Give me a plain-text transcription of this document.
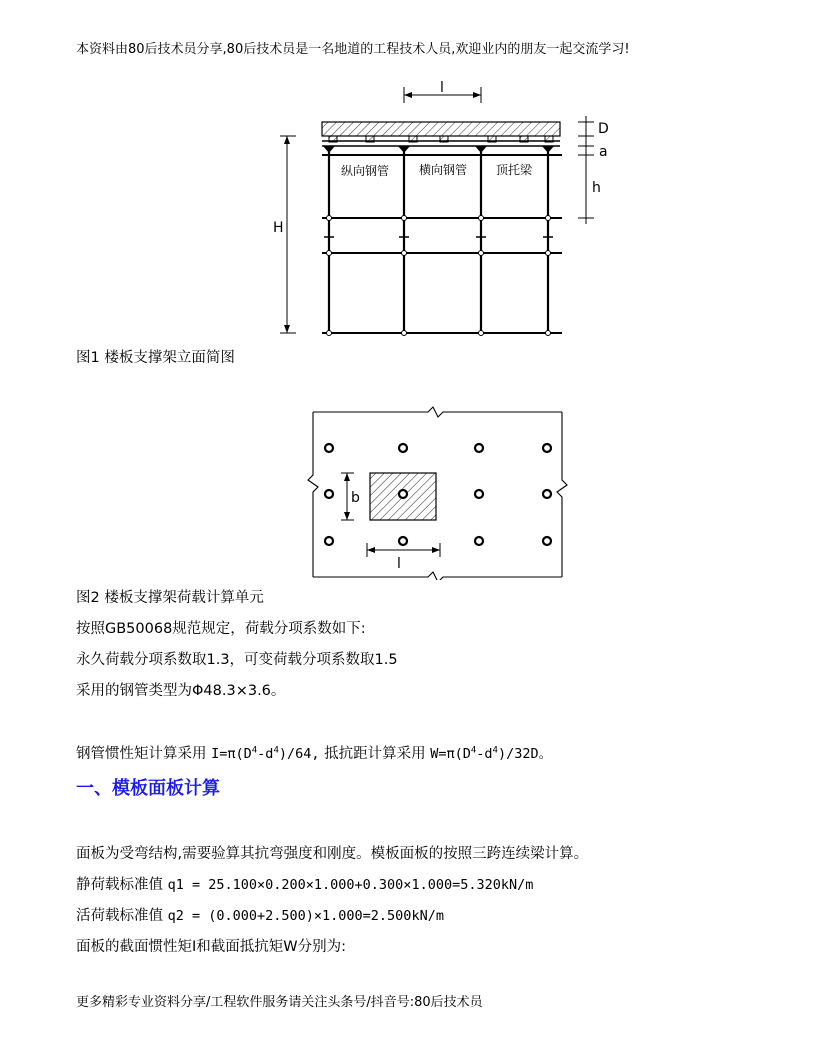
本资料由80后技术员分享,80后技术员是一名地道的工程技术人员,欢迎业内的朋友一起交流学习!
l
纵向钢管 横向钢管 顶托梁
D
a
h
H
图1 楼板支撑架立面简图
b
l
图2 楼板支撑架荷载计算单元
按照GB50068规范规定，荷载分项系数如下:
永久荷载分项系数取1.3，可变荷载分项系数取1.5
采用的钢管类型为Φ48.3×3.6。
钢管惯性矩计算采用 $I=\pi(D^4-d^4)/64$, 抵抗距计算采用 $W=\pi(D^4-d^4)/32D$。
一、模板面板计算
面板为受弯结构,需要验算其抗弯强度和刚度。模板面板的按照三跨连续梁计算。
静荷载标准值 q1 = 25.100×0.200×1.000+0.300×1.000=5.320kN/m
活荷载标准值 q2 = (0.000+2.500)×1.000=2.500kN/m
面板的截面惯性矩I和截面抵抗矩W分别为:
更多精彩专业资料分享/工程软件服务请关注头条号/抖音号:80后技术员
